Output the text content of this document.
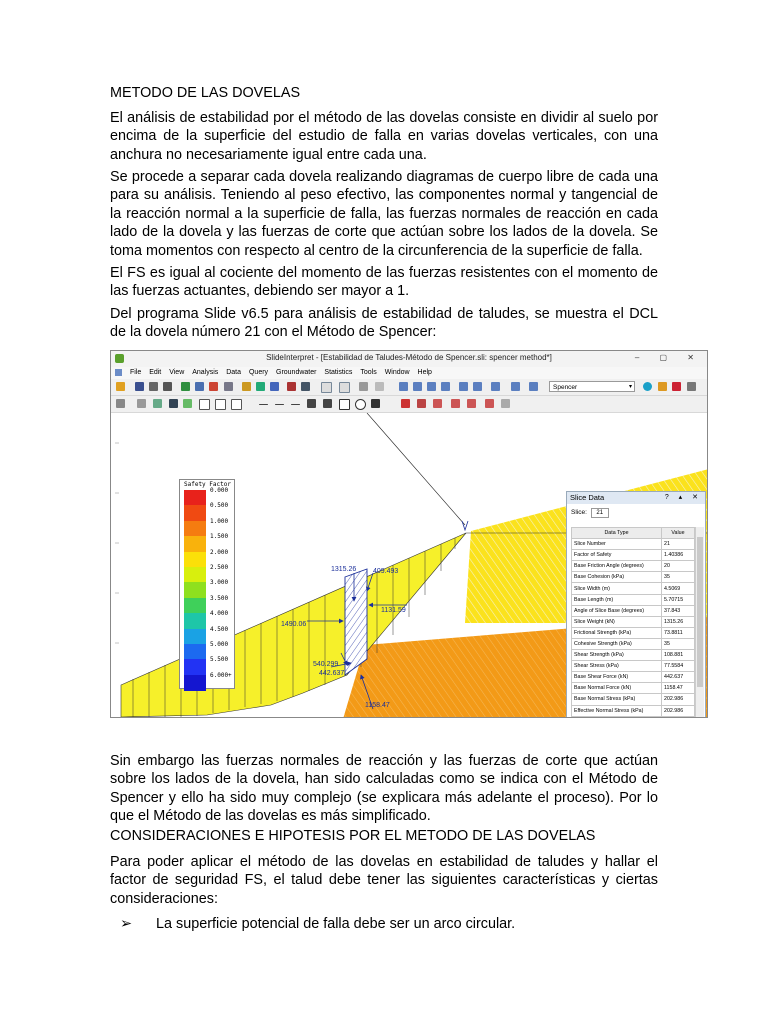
METODO DE LAS DOVELAS

El análisis de estabilidad por el método de las dovelas consiste en dividir al suelo por encima de la superficie del estudio de falla en varias dovelas verticales, con una anchura no necesariamente igual entre cada una.

Se procede a separar cada dovela realizando diagramas de cuerpo libre de cada una para su análisis. Teniendo al peso efectivo, las componentes normal y tangencial de la reacción normal a la superficie de falla, las fuerzas normales de reacción en cada lado de la dovela y las fuerzas de corte que actúan sobre los lados de la dovela. Se toma momentos con respecto al centro de la circunferencia de la superficie de falla.

El FS es igual al cociente del momento de las fuerzas resistentes con el momento de las fuerzas actuantes, debiendo ser mayor a 1.

Del programa Slide v6.5 para análisis de estabilidad de taludes, se muestra el DCL de la dovela número 21 con el Método de Spencer:

SlideInterpret - [Estabilidad de Taludes-Método de Spencer.sli: spencer method*]	– ▢ ✕
File Edit View Analysis Data Query Groundwater Statistics Tools Window Help
Spencer	▾
1315.26 409.493
1131.59
1490.06
540.299
442.637
1158.47
Safety Factor
0.000
0.500
1.000
1.500
2.000
2.500
3.000
3.500
4.000
4.500
5.000
5.500
6.000+
Slice Data	? ▴ ✕
Slice: 21
Data Type	Value
Slice Number	21
Factor of Safety	1.40386
Base Friction Angle (degrees)	20
Base Cohesion (kPa)	35
Slice Width (m)	4.5069
Base Length (m)	5.70715
Angle of Slice Base (degrees)	37.843
Slice Weight (kN)	1315.26
Frictional Strength (kPa)	73.8811
Cohesive Strength (kPa)	35
Shear Strength (kPa)	108.881
Shear Stress (kPa)	77.5584
Base Shear Force (kN)	442.637
Base Normal Force (kN)	1158.47
Base Normal Stress (kPa)	202.986
Effective Normal Stress (kPa)	202.986

Sin embargo las fuerzas normales de reacción y las fuerzas de corte que actúan sobre los lados de la dovela, han sido calculadas como se indica con el Método de Spencer y ello ha sido muy complejo (se explicara más adelante el proceso). Por lo que el Método de las dovelas es más simplificado.

CONSIDERACIONES E HIPOTESIS POR EL METODO DE LAS DOVELAS

Para poder aplicar el método de las dovelas en estabilidad de taludes y hallar el factor de seguridad FS, el talud debe tener las siguientes características y ciertas consideraciones:

➢ La superficie potencial de falla debe ser un arco circular.
